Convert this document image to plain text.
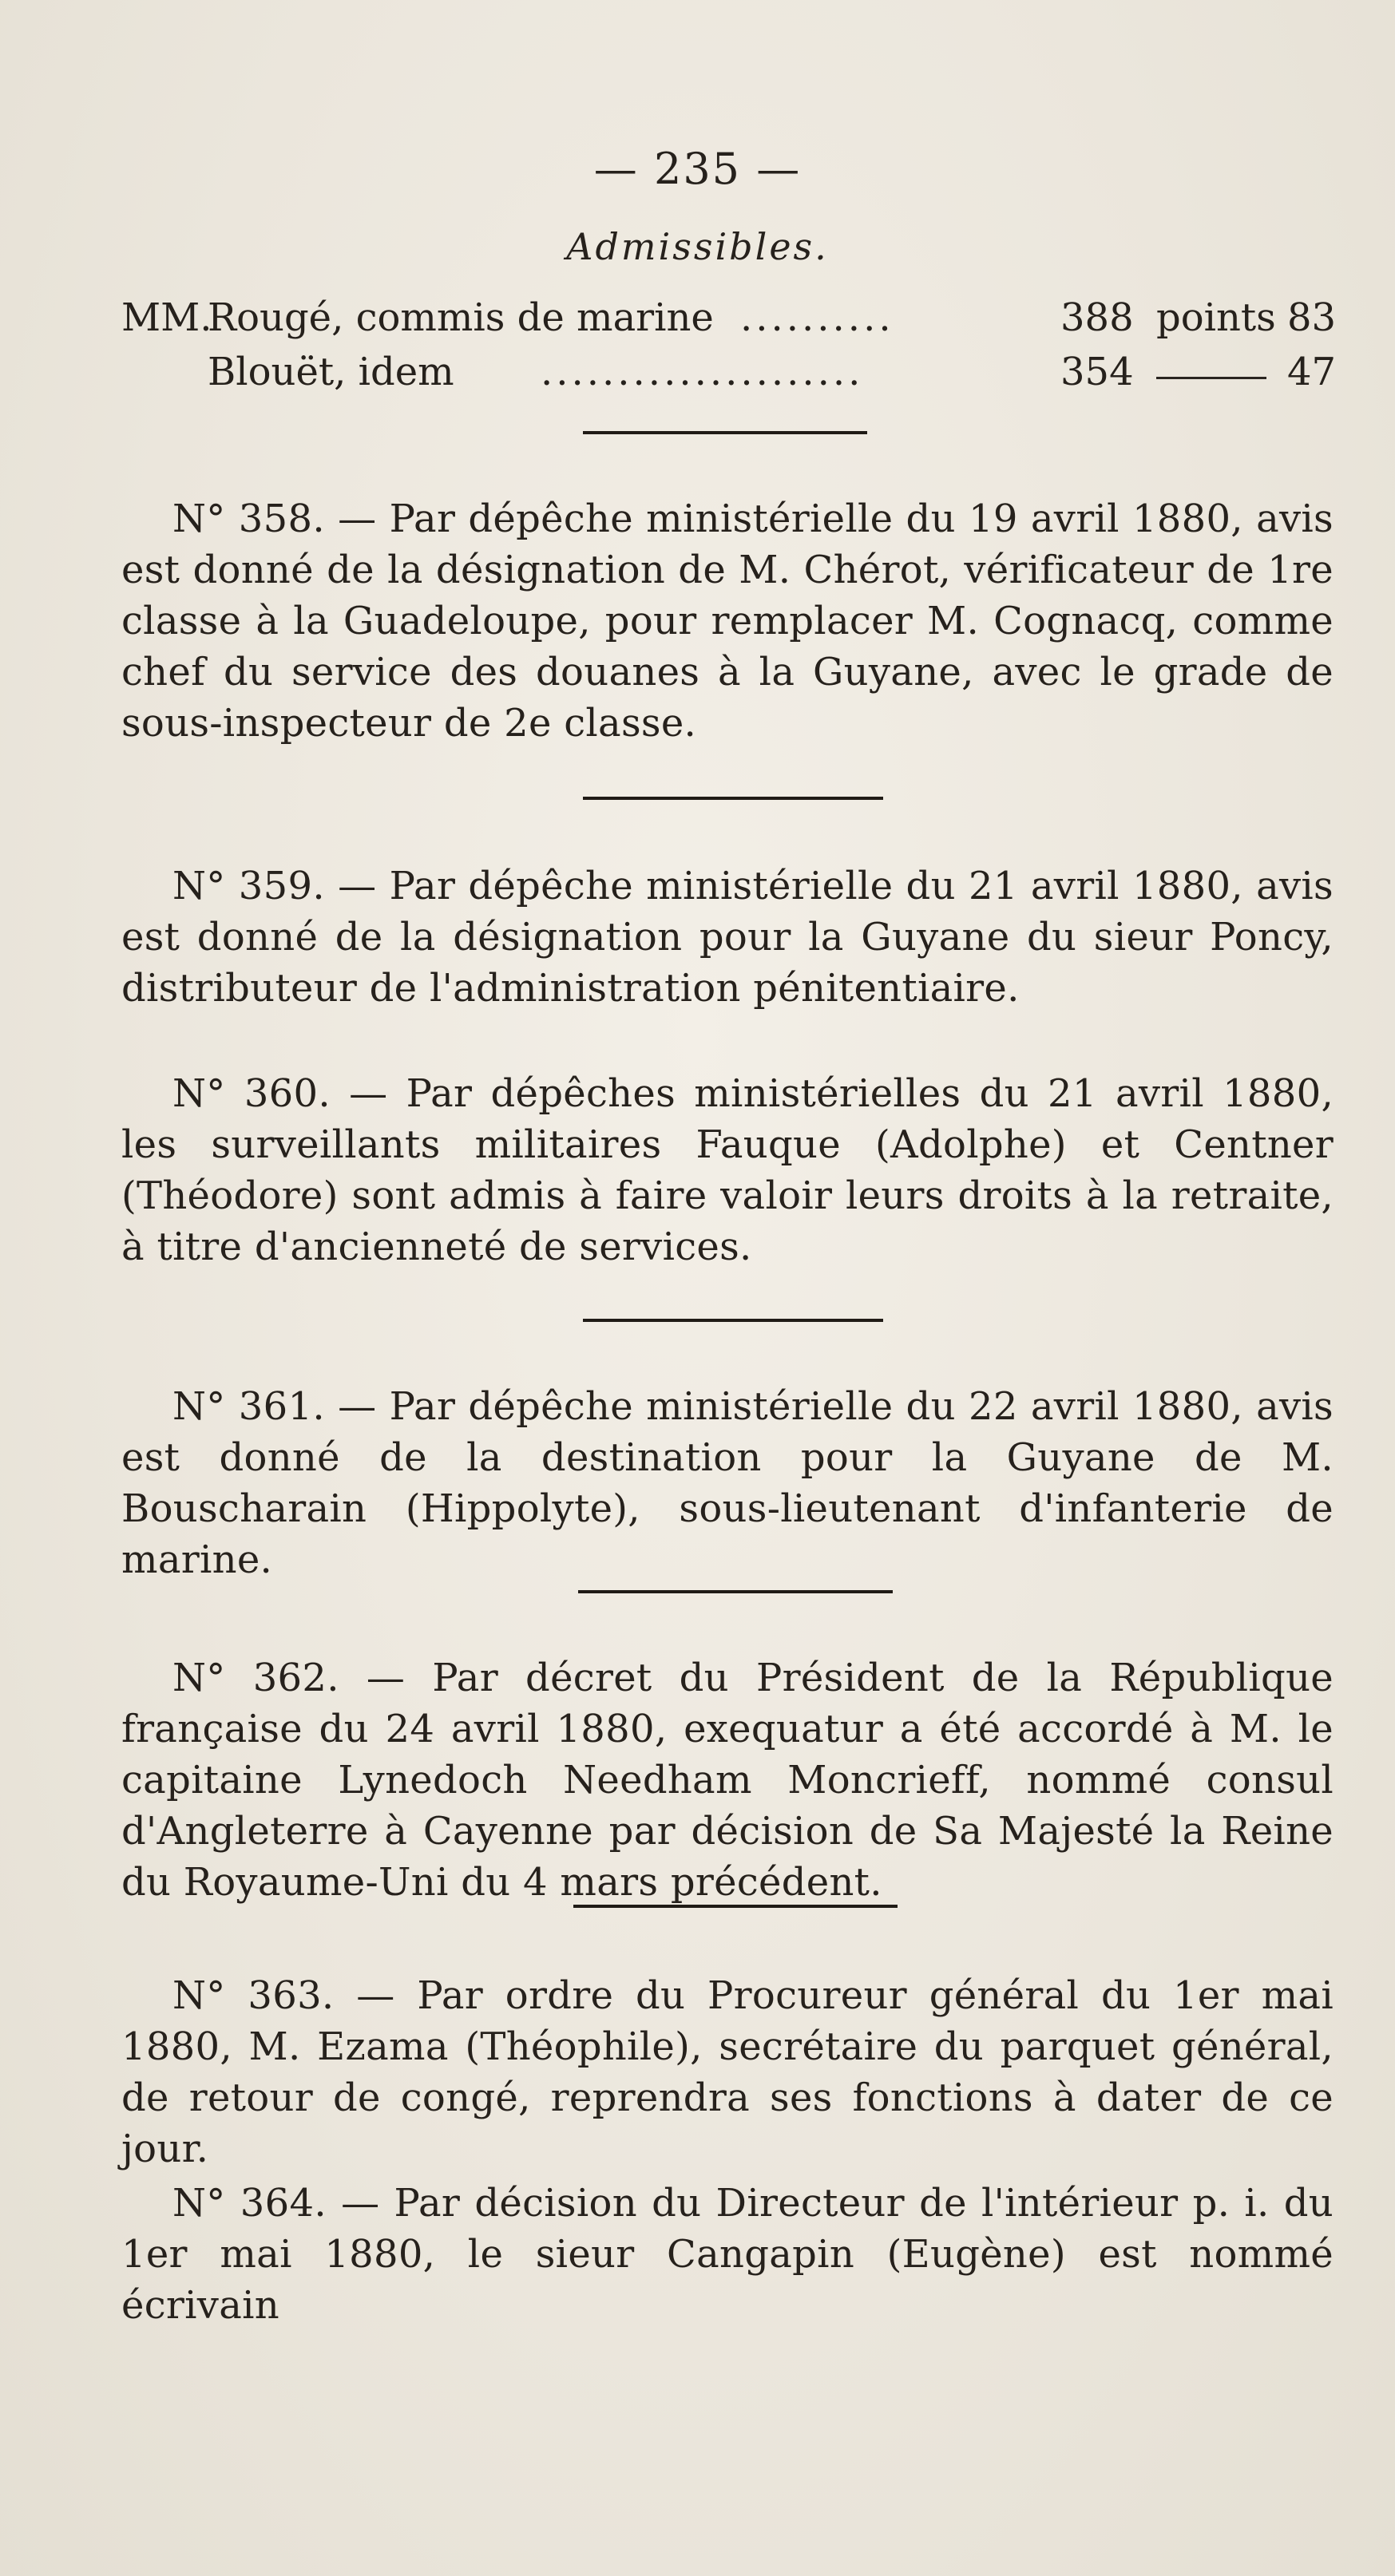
— 235 —
Admissibles.
MM.
Rougé, commis de marine ..........	388 points 83
Blouët, idem .....................	354	47
N° 358. — Par dépêche ministérielle du 19 avril 1880, avis est donné de la désignation de M. Chérot, vérificateur de 1re classe à la Guadeloupe, pour remplacer M. Cognacq, comme chef du service des douanes à la Guyane, avec le grade de sous-inspecteur de 2e classe.
N° 359. — Par dépêche ministérielle du 21 avril 1880, avis est donné de la désignation pour la Guyane du sieur Poncy, distributeur de l'administration pénitentiaire.
N° 360. — Par dépêches ministérielles du 21 avril 1880, les surveillants militaires Fauque (Adolphe) et Centner (Théodore) sont admis à faire valoir leurs droits à la retraite, à titre d'ancienneté de services.
N° 361. — Par dépêche ministérielle du 22 avril 1880, avis est donné de la destination pour la Guyane de M. Bouscharain (Hippolyte), sous-lieutenant d'infanterie de marine.
N° 362. — Par décret du Président de la République française du 24 avril 1880, exequatur a été accordé à M. le capitaine Lynedoch Needham Moncrieff, nommé consul d'Angleterre à Cayenne par décision de Sa Majesté la Reine du Royaume-Uni du 4 mars précédent.
N° 363. — Par ordre du Procureur général du 1er mai 1880, M. Ezama (Théophile), secrétaire du parquet général, de retour de congé, reprendra ses fonctions à dater de ce jour.
N° 364. — Par décision du Directeur de l'intérieur p. i. du 1er mai 1880, le sieur Cangapin (Eugène) est nommé écrivain
